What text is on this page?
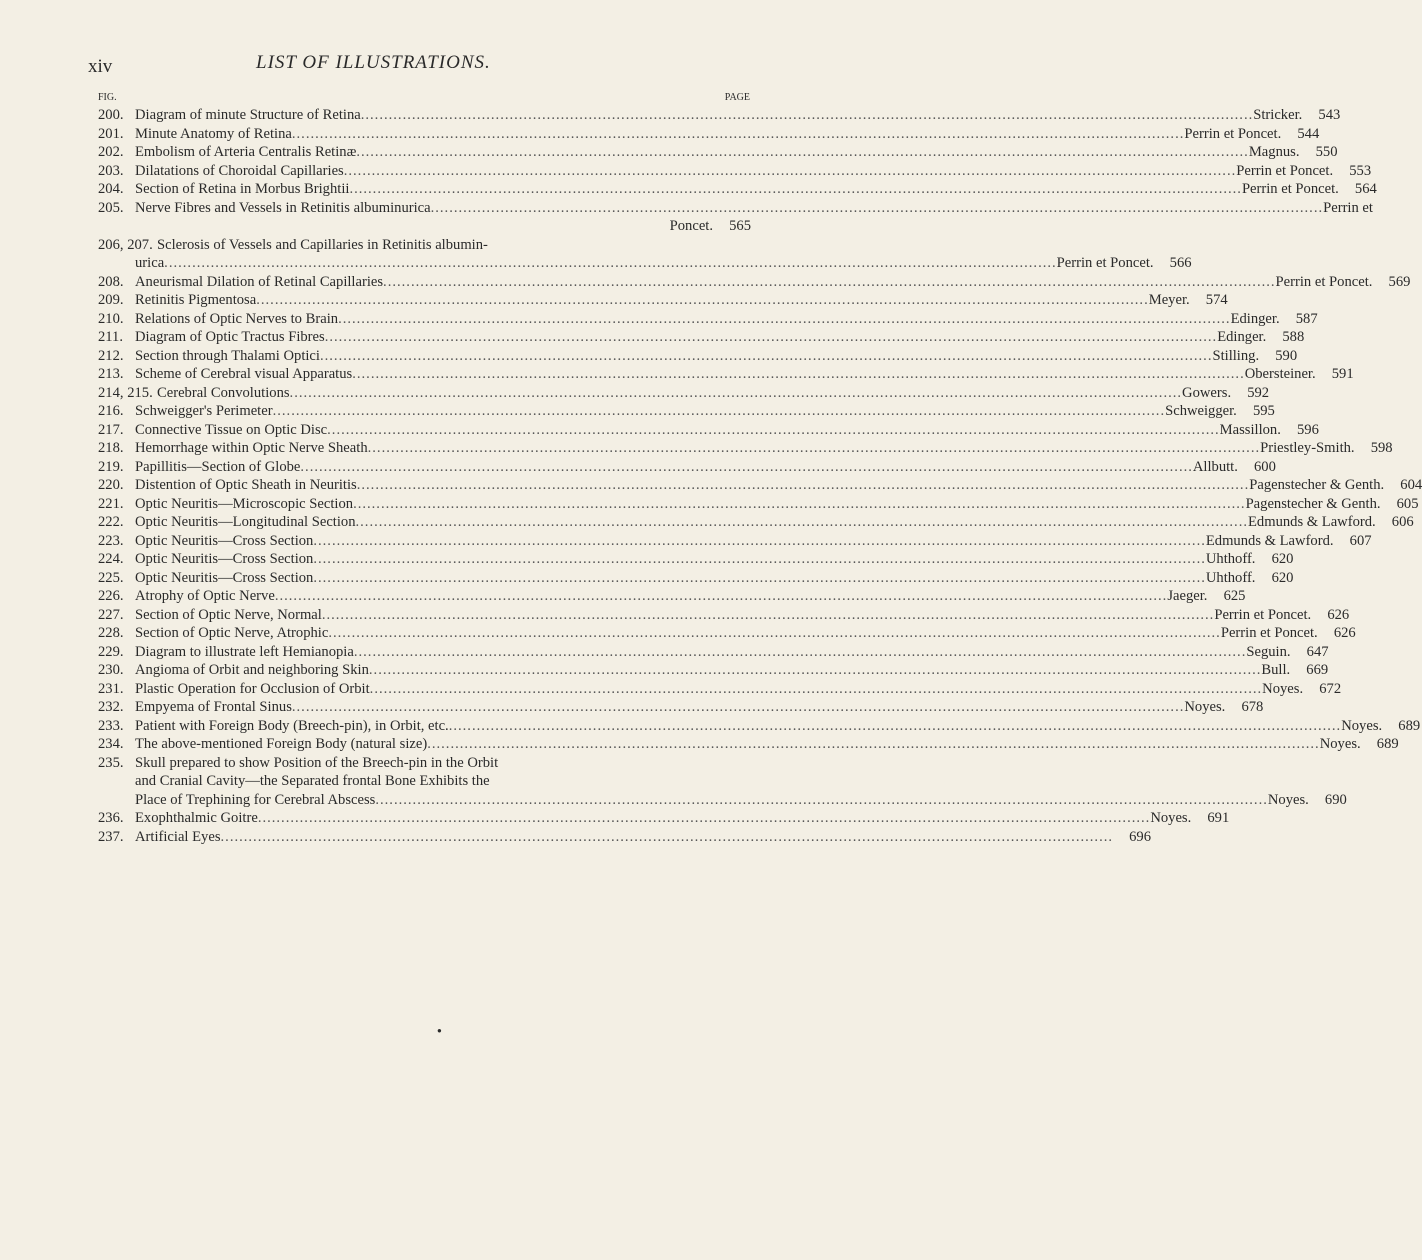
xiv	LIST OF ILLUSTRATIONS.
FIG.	PAGE
200. Diagram of minute Structure of Retina .....	Stricker.	543
201. Minute Anatomy of Retina .....	Perrin et Poncet.	544
202. Embolism of Arteria Centralis Retinæ .....	Magnus.	550
203. Dilatations of Choroidal Capillaries .....	Perrin et Poncet.	553
204. Section of Retina in Morbus Brightii .....	Perrin et Poncet.	564
205. Nerve Fibres and Vessels in Retinitis albuminurica .....	Perrin et
Poncet.	565
206, 207. Sclerosis of Vessels and Capillaries in Retinitis albumin-
urica .....	Perrin et Poncet.	566
208. Aneurismal Dilation of Retinal Capillaries .....	Perrin et Poncet.	569
209. Retinitis Pigmentosa .....	Meyer.	574
210. Relations of Optic Nerves to Brain .....	Edinger.	587
211. Diagram of Optic Tractus Fibres .....	Edinger.	588
212. Section through Thalami Optici .....	Stilling.	590
213. Scheme of Cerebral visual Apparatus .....	Obersteiner.	591
214, 215. Cerebral Convolutions .....	Gowers.	592
216. Schweigger's Perimeter .....	Schweigger.	595
217. Connective Tissue on Optic Disc .....	Massillon.	596
218. Hemorrhage within Optic Nerve Sheath .....	Priestley-Smith.	598
219. Papillitis—Section of Globe .....	Allbutt.	600
220. Distention of Optic Sheath in Neuritis .....	Pagenstecher & Genth.	604
221. Optic Neuritis—Microscopic Section .....	Pagenstecher & Genth.	605
222. Optic Neuritis—Longitudinal Section .....	Edmunds & Lawford.	606
223. Optic Neuritis—Cross Section .....	Edmunds & Lawford.	607
224. Optic Neuritis—Cross Section .....	Uhthoff.	620
225. Optic Neuritis—Cross Section .....	Uhthoff.	620
226. Atrophy of Optic Nerve .....	Jaeger.	625
227. Section of Optic Nerve, Normal .....	Perrin et Poncet.	626
228. Section of Optic Nerve, Atrophic .....	Perrin et Poncet.	626
229. Diagram to illustrate left Hemianopia .....	Seguin.	647
230. Angioma of Orbit and neighboring Skin .....	Bull.	669
231. Plastic Operation for Occlusion of Orbit .....	Noyes.	672
232. Empyema of Frontal Sinus .....	Noyes.	678
233. Patient with Foreign Body (Breech-pin), in Orbit, etc. .....	Noyes.	689
234. The above-mentioned Foreign Body (natural size) .....	Noyes.	689
235. Skull prepared to show Position of the Breech-pin in the Orbit
and Cranial Cavity—the Separated frontal Bone Exhibits the
Place of Trephining for Cerebral Abscess .....	Noyes.	690
236. Exophthalmic Goitre .....	Noyes.	691
237. Artificial Eyes .....	696
●
